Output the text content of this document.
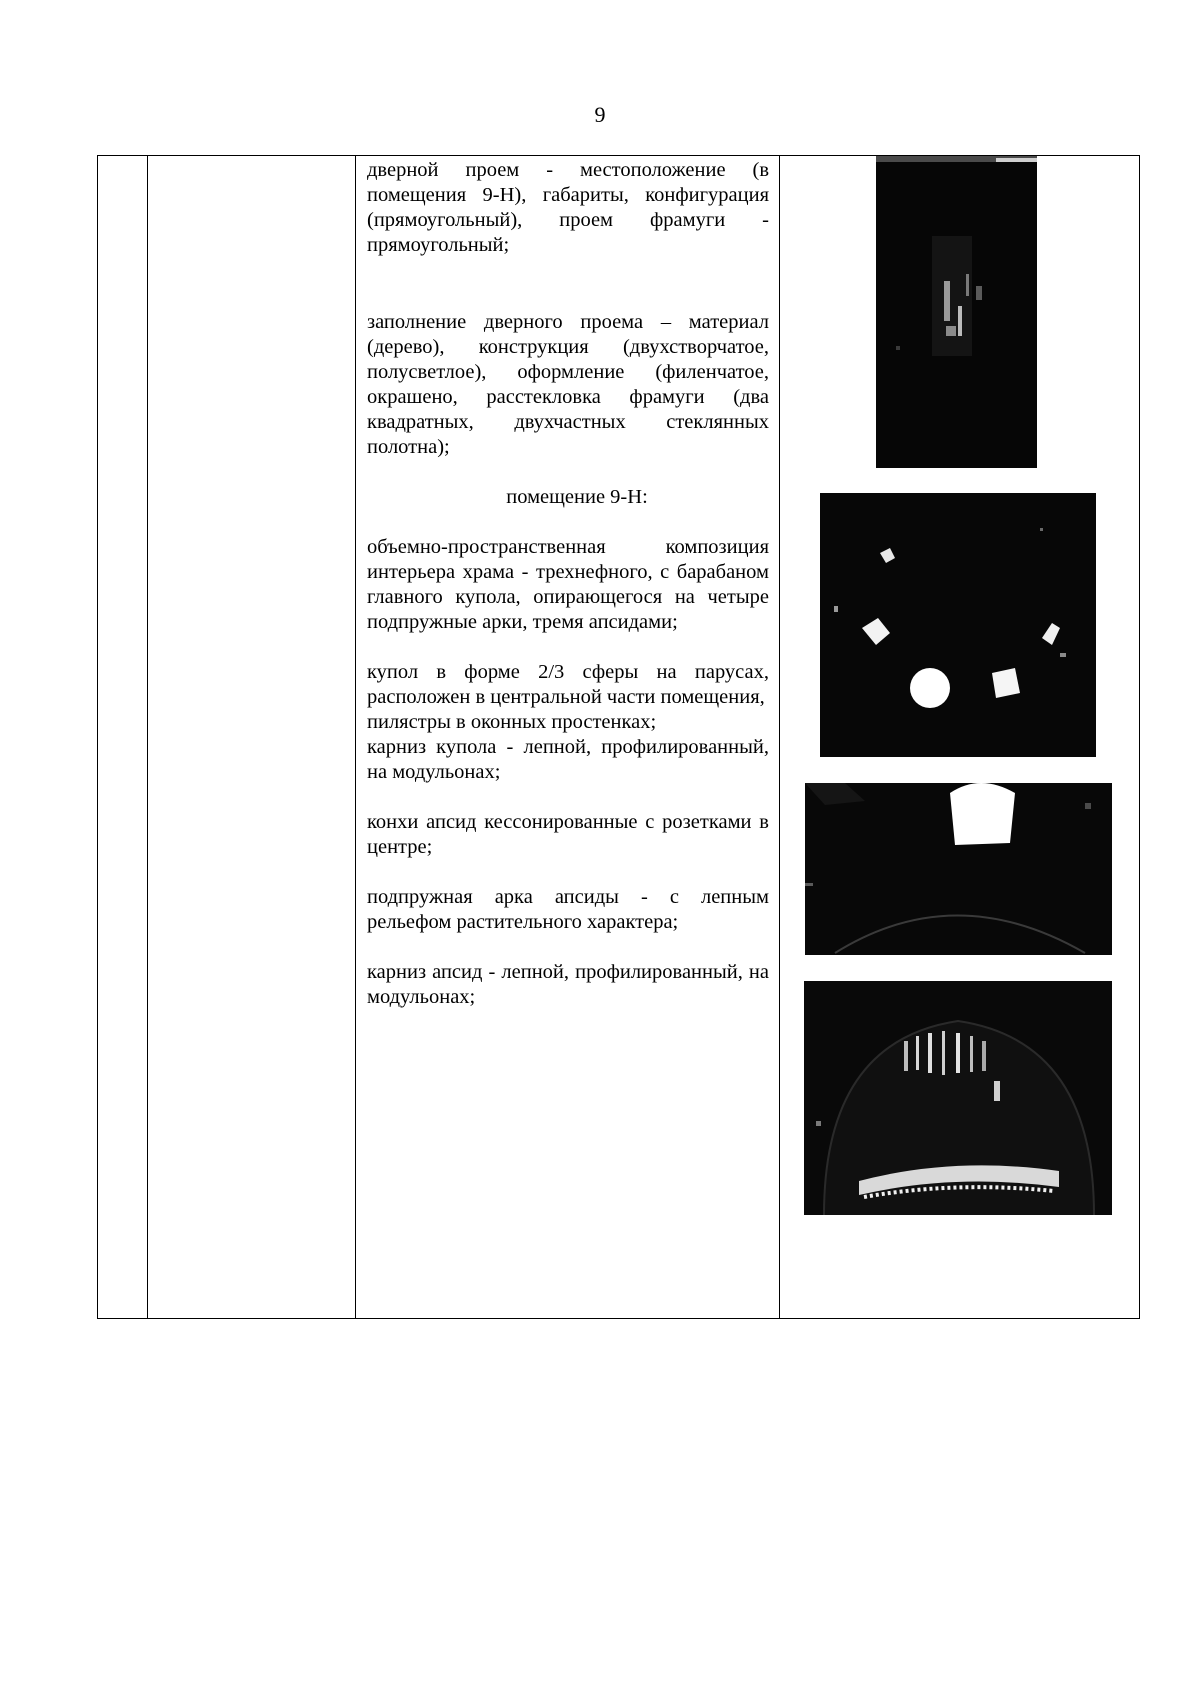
9

дверной проем - местоположение (в помещения 9-Н), габариты, конфигурация (прямоугольный), проем фрамуги - прямоугольный;

заполнение дверного проема – материал (дерево), конструкция (двухстворчатое, полусветлое), оформление (филенчатое, окрашено, расстекловка фрамуги (два квадратных, двухчастных стеклянных полотна);

помещение 9-Н:

объемно-пространственная композиция интерьера храма - трехнефного, с барабаном главного купола, опирающегося на четыре подпружные арки, тремя апсидами;

купол в форме 2/3 сферы на парусах, расположен в центральной части помещения,

пилястры в оконных простенках;

карниз купола - лепной, профилированный, на модульонах;

конхи апсид кессонированные с розетками в центре;

подпружная арка апсиды - с лепным рельефом растительного характера;

карниз апсид - лепной, профилированный, на модульонах;
